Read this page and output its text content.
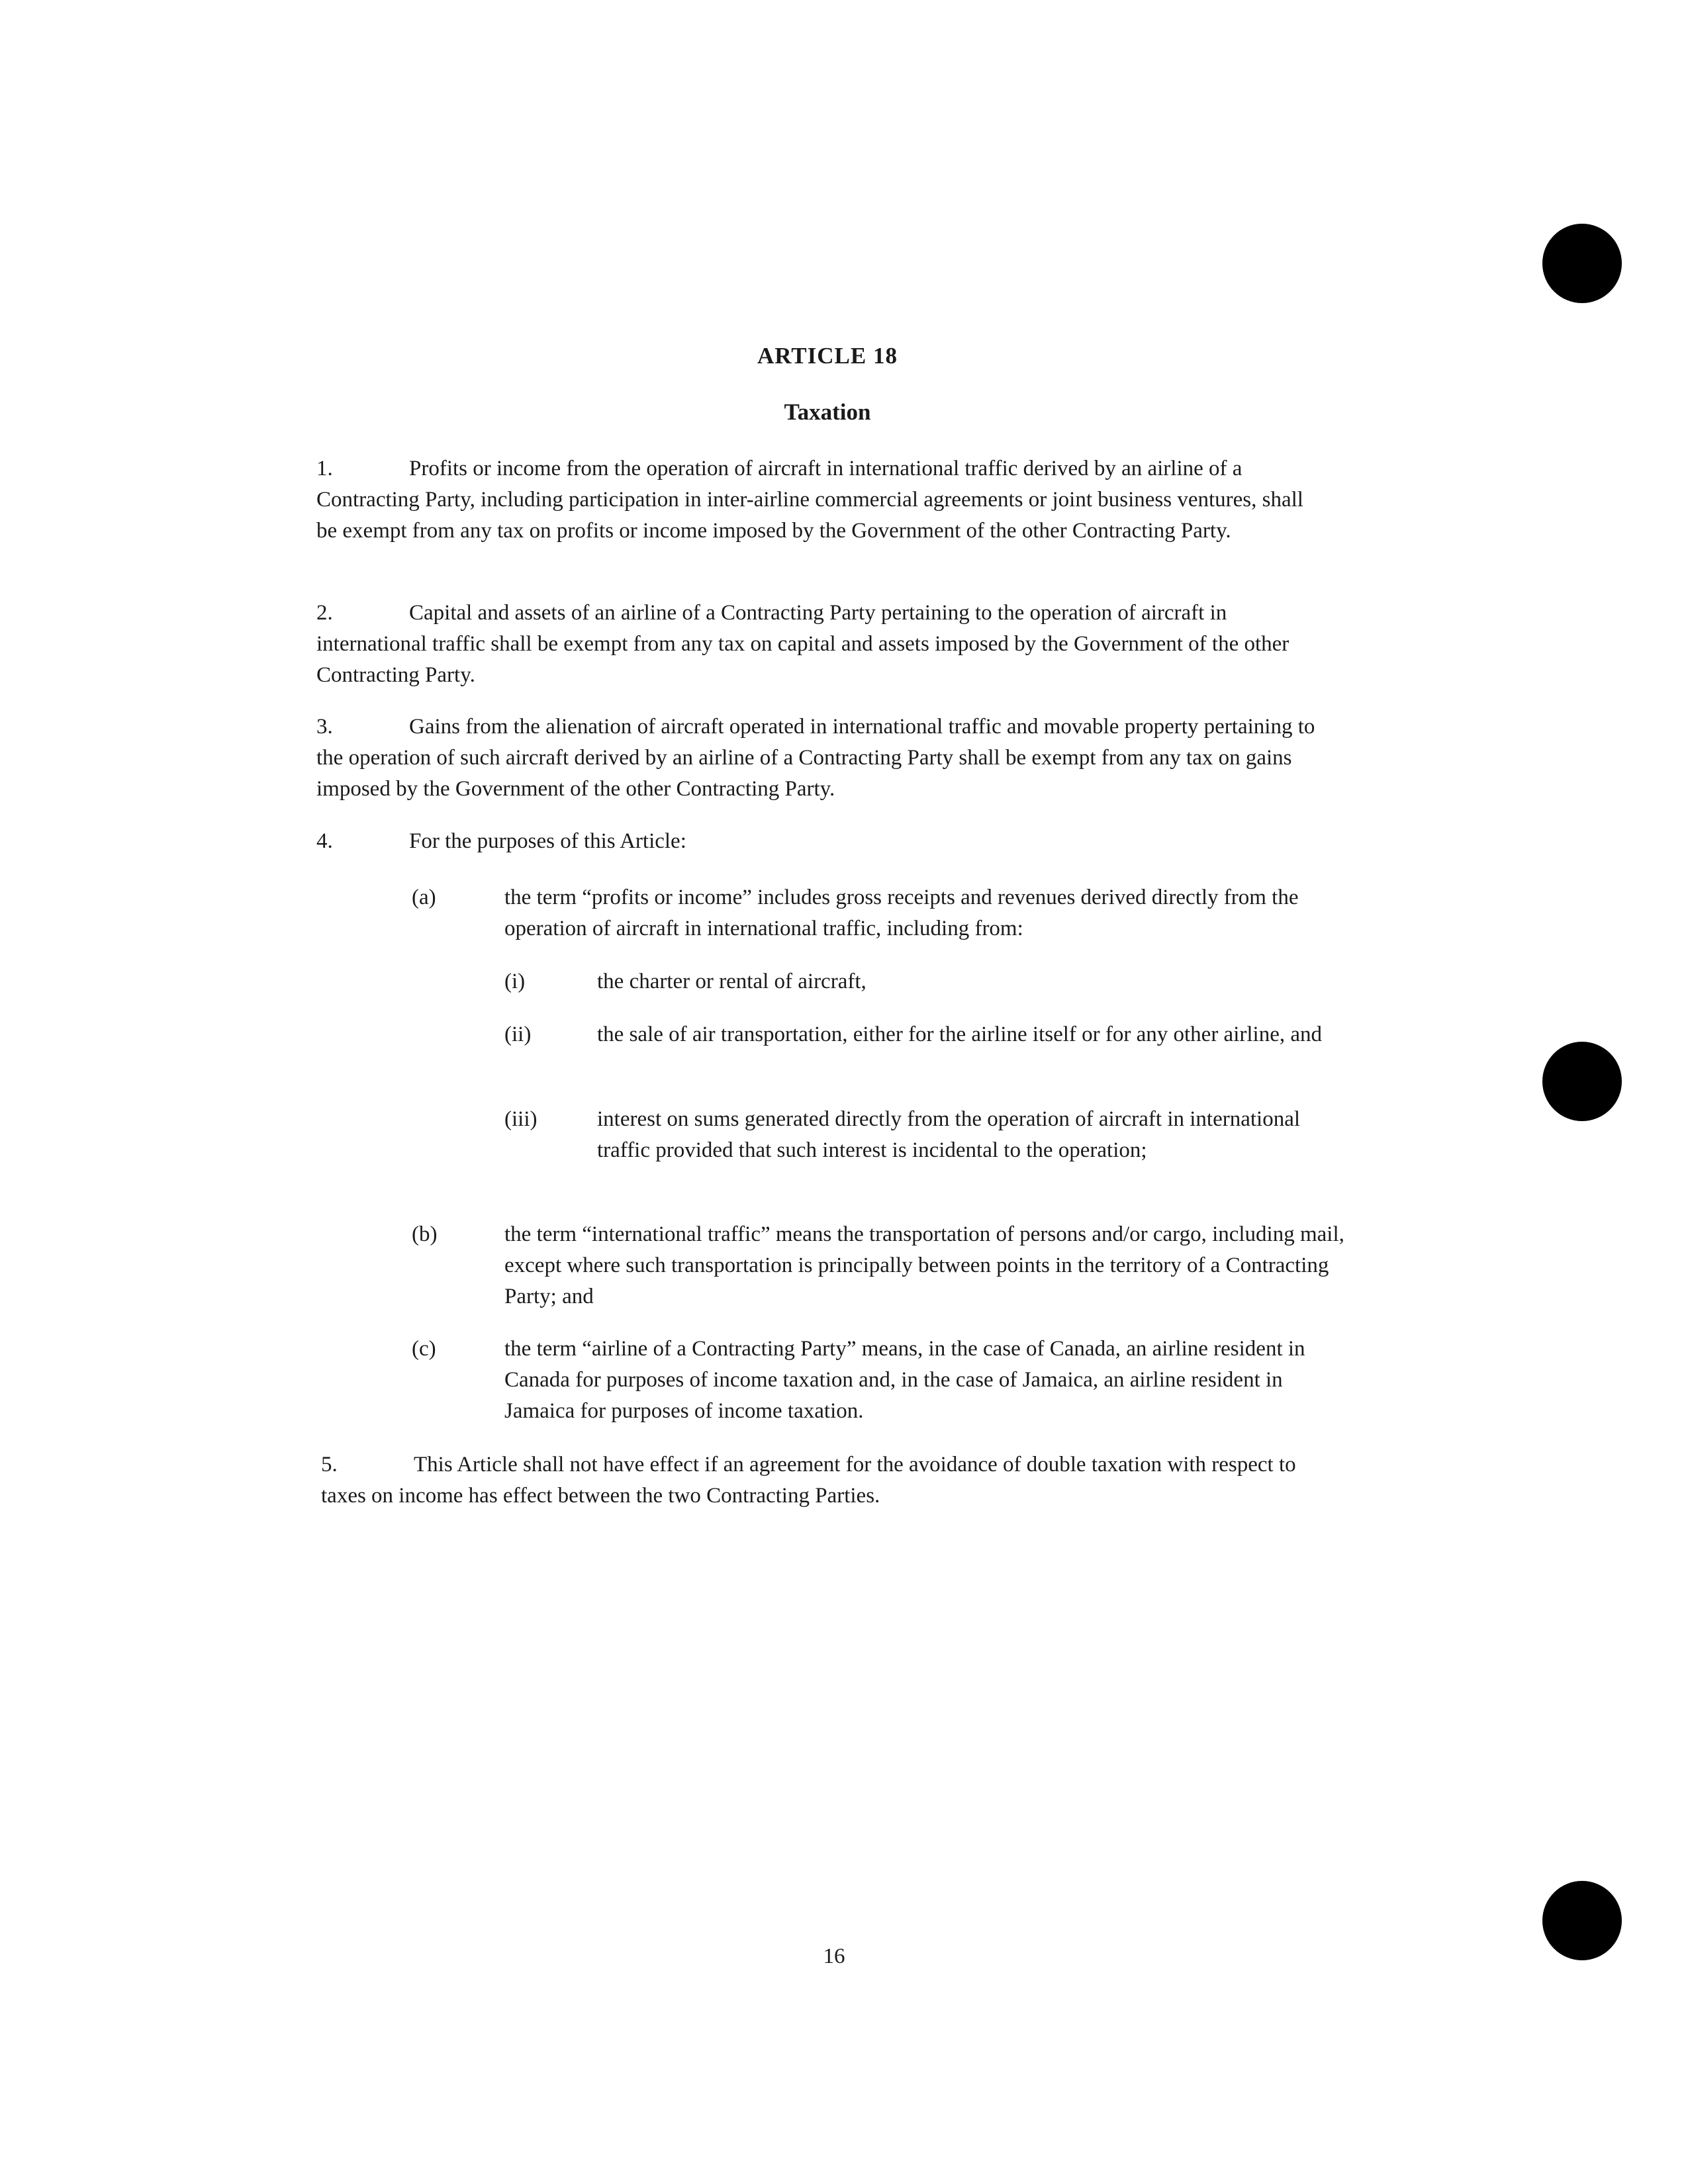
ARTICLE 18
Taxation
1.	Profits or income from the operation of aircraft in international traffic derived by an airline of a Contracting Party, including participation in inter-airline commercial agreements or joint business ventures, shall be exempt from any tax on profits or income imposed by the Government of the other Contracting Party.
2.	Capital and assets of an airline of a Contracting Party pertaining to the operation of aircraft in international traffic shall be exempt from any tax on capital and assets imposed by the Government of the other Contracting Party.
3.	Gains from the alienation of aircraft operated in international traffic and movable property pertaining to the operation of such aircraft derived by an airline of a Contracting Party shall be exempt from any tax on gains imposed by the Government of the other Contracting Party.
4.	For the purposes of this Article:
(a)	the term “profits or income” includes gross receipts and revenues derived directly from the operation of aircraft in international traffic, including from:
(i)	the charter or rental of aircraft,
(ii)	the sale of air transportation, either for the airline itself or for any other airline, and
(iii)	interest on sums generated directly from the operation of aircraft in international traffic provided that such interest is incidental to the operation;
(b)	the term “international traffic” means the transportation of persons and/or cargo, including mail, except where such transportation is principally between points in the territory of a Contracting Party; and
(c)	the term “airline of a Contracting Party” means, in the case of Canada, an airline resident in Canada for purposes of income taxation and, in the case of Jamaica, an airline resident in Jamaica for purposes of income taxation.
5.	This Article shall not have effect if an agreement for the avoidance of double taxation with respect to taxes on income has effect between the two Contracting Parties.
16
